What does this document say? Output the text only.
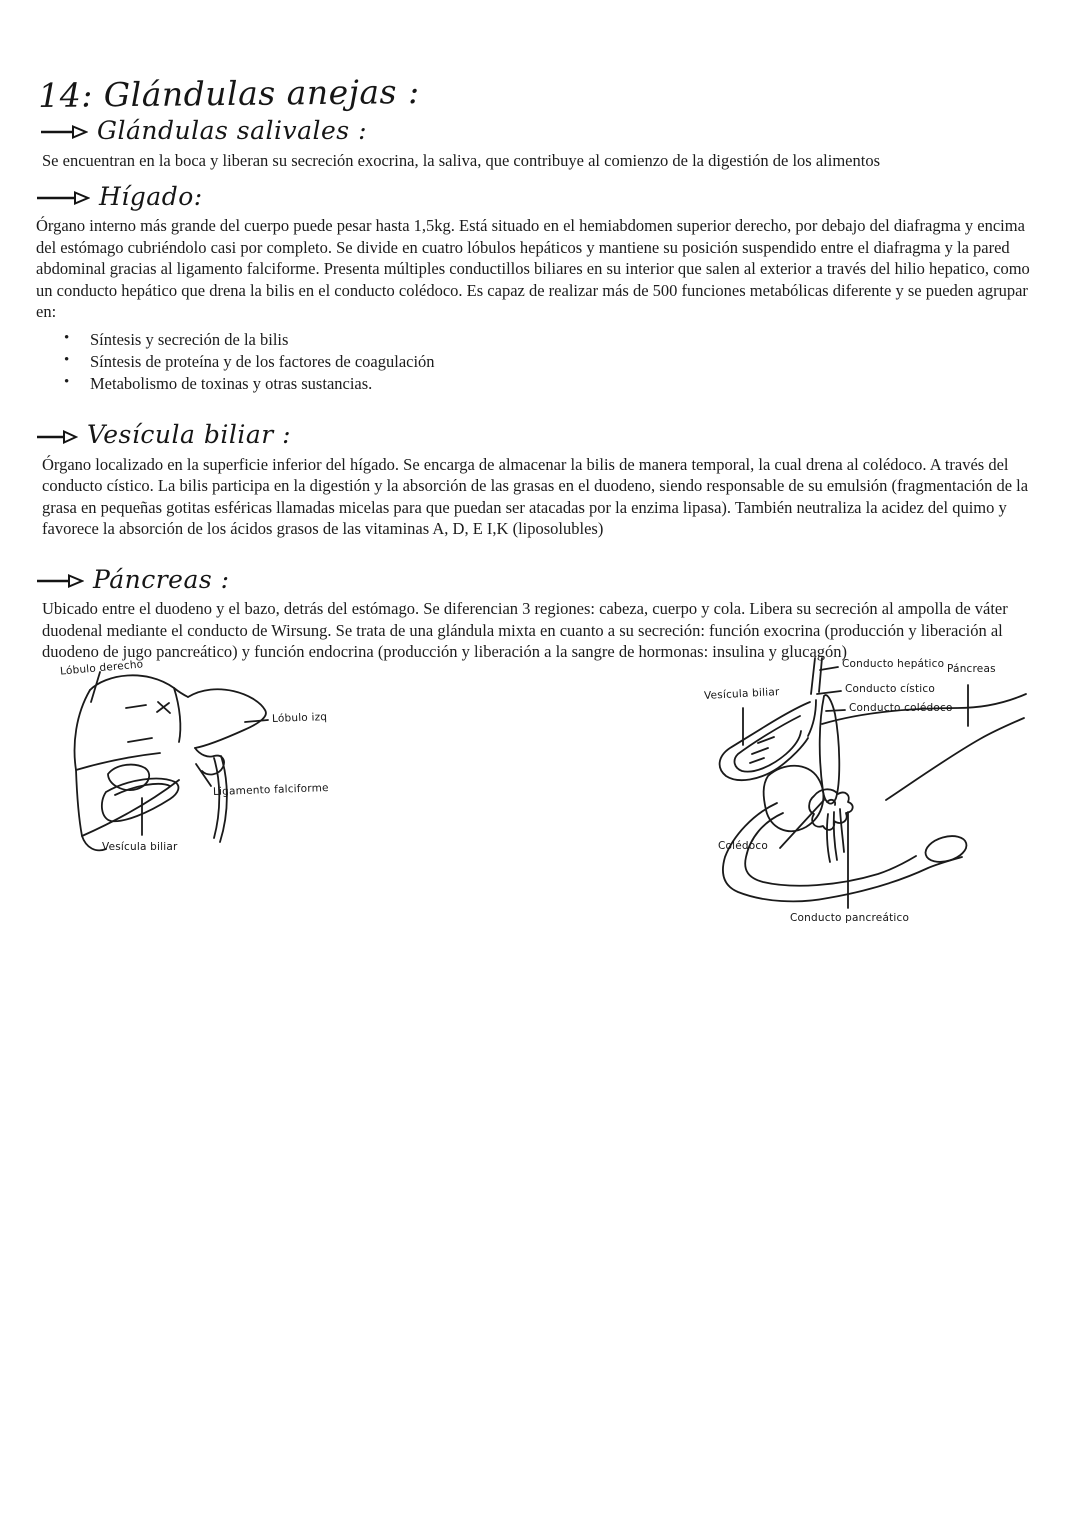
14: Glándulas anejas :
Glándulas salivales :

Se encuentran en la boca y liberan su secreción exocrina, la saliva, que contribuye al comienzo de la digestión de los alimentos

Hígado:

Órgano interno más grande del cuerpo puede pesar hasta 1,5kg. Está situado en el hemiabdomen superior derecho, por debajo del diafragma y encima del estómago cubriéndolo casi por completo. Se divide en cuatro lóbulos hepáticos y mantiene su posición suspendido entre el diafragma y la pared abdominal gracias al ligamento falciforme. Presenta múltiples conductillos biliares en su interior que salen al exterior a través del hilio hepatico, como un conducto hepático que drena la bilis en el conducto colédoco. Es capaz de realizar más de 500 funciones metabólicas diferente y se pueden agrupar en:

• Síntesis y secreción de la bilis
• Síntesis de proteína y de los factores de coagulación
• Metabolismo de toxinas y otras sustancias.
Vesícula biliar :

Órgano localizado en la superficie inferior del hígado. Se encarga de almacenar la bilis de manera temporal, la cual drena al colédoco. A través del conducto cístico. La bilis participa en la digestión y la absorción de las grasas en el duodeno, siendo responsable de su emulsión (fragmentación de la grasa en pequeñas gotitas esféricas llamadas micelas para que puedan ser atacadas por la enzima lipasa). También neutraliza la acidez del quimo y favorece la absorción de los ácidos grasos de las vitaminas A, D, E I,K (liposolubles)

Páncreas :

Ubicado entre el duodeno y el bazo, detrás del estómago. Se diferencian 3 regiones: cabeza, cuerpo y cola. Libera su secreción al ampolla de váter duodenal mediante el conducto de Wirsung. Se trata de una glándula mixta en cuanto a su secreción: función exocrina (producción y liberación al duodeno de jugo pancreático) y función endocrina (producción y liberación a la sangre de hormonas: insulina y glucagón)

Lóbulo derecho
Lóbulo izq
Ligamento falciforme
Vesícula biliar
Conducto hepático Páncreas
Conducto cístico
Conducto colédoco
Vesícula biliar
Colédoco
Conducto pancreático
